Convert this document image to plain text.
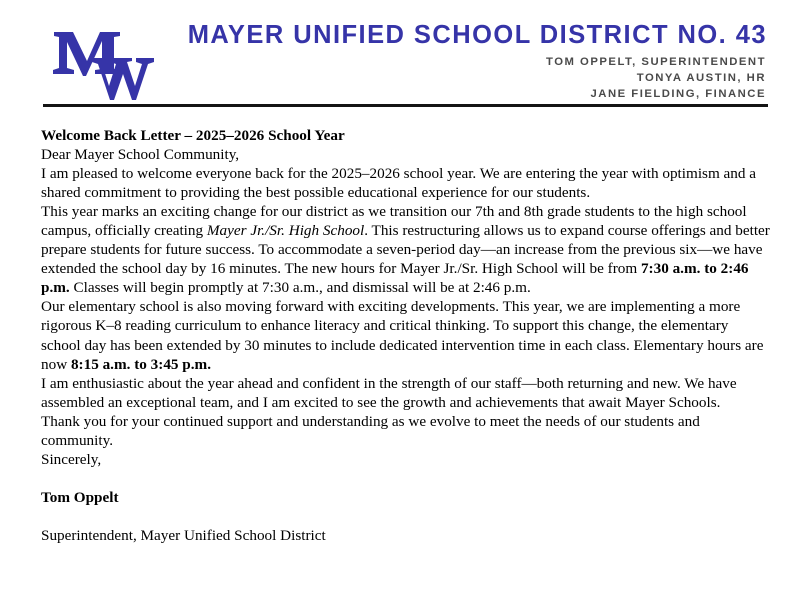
MAYER UNIFIED SCHOOL DISTRICT NO. 43
TOM OPPELT, SUPERINTENDENT
TONYA AUSTIN, HR
JANE FIELDING, FINANCE

Welcome Back Letter – 2025–2026 School Year

Dear Mayer School Community,

I am pleased to welcome everyone back for the 2025–2026 school year. We are entering the year with optimism and a shared commitment to providing the best possible educational experience for our students.

This year marks an exciting change for our district as we transition our 7th and 8th grade students to the high school campus, officially creating Mayer Jr./Sr. High School. This restructuring allows us to expand course offerings and better prepare students for future success. To accommodate a seven-period day—an increase from the previous six—we have extended the school day by 16 minutes. The new hours for Mayer Jr./Sr. High School will be from 7:30 a.m. to 2:46 p.m. Classes will begin promptly at 7:30 a.m., and dismissal will be at 2:46 p.m.

Our elementary school is also moving forward with exciting developments. This year, we are implementing a more rigorous K–8 reading curriculum to enhance literacy and critical thinking. To support this change, the elementary school day has been extended by 30 minutes to include dedicated intervention time in each class. Elementary hours are now 8:15 a.m. to 3:45 p.m.

I am enthusiastic about the year ahead and confident in the strength of our staff—both returning and new. We have assembled an exceptional team, and I am excited to see the growth and achievements that await Mayer Schools.

Thank you for your continued support and understanding as we evolve to meet the needs of our students and community.

Sincerely,

Tom Oppelt

Superintendent, Mayer Unified School District
